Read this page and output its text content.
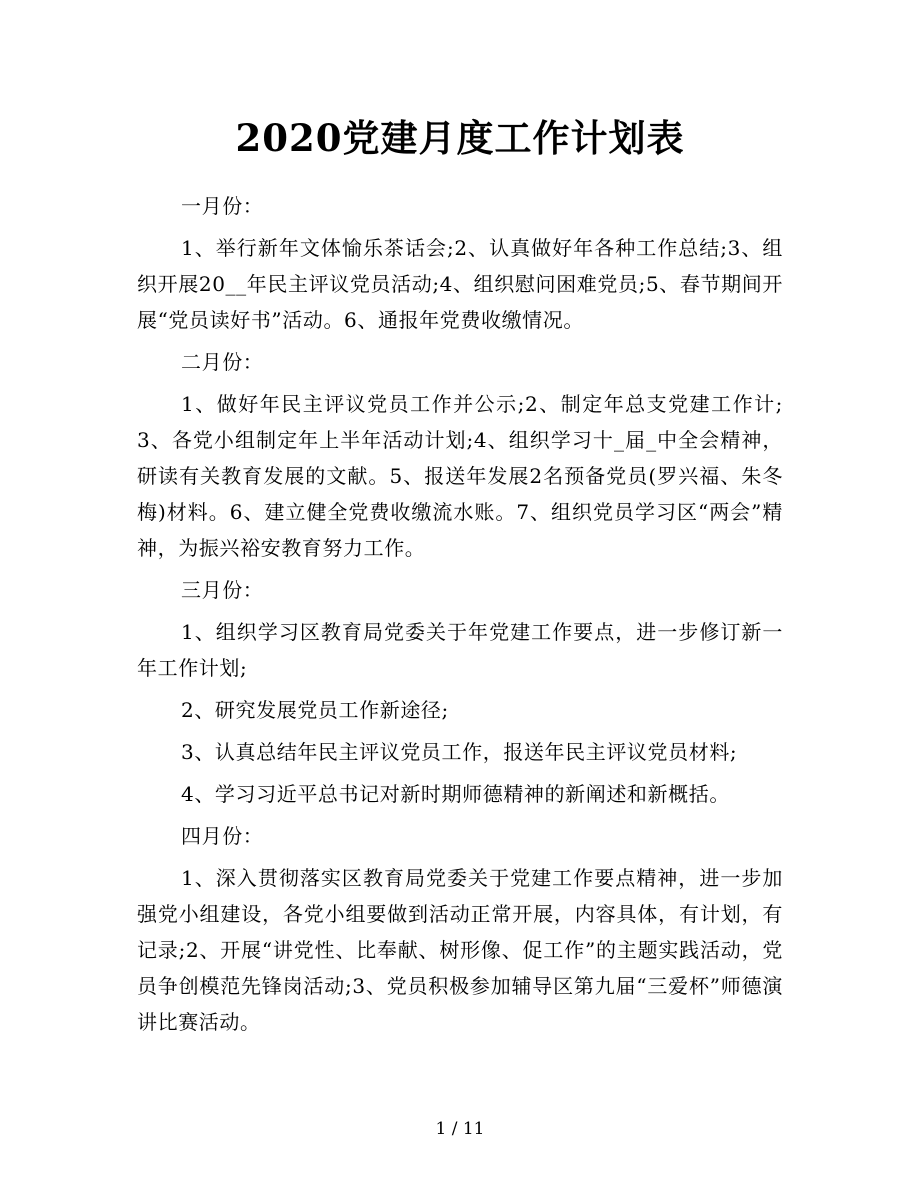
2020党建月度工作计划表

一月份：

1、举行新年文体愉乐茶话会;2、认真做好年各种工作总结;3、组织开展20__年民主评议党员活动;4、组织慰问困难党员;5、春节期间开展“党员读好书”活动。6、通报年党费收缴情况。

二月份：

1、做好年民主评议党员工作并公示;2、制定年总支党建工作计;3、各党小组制定年上半年活动计划;4、组织学习十_届_中全会精神，研读有关教育发展的文献。5、报送年发展2名预备党员(罗兴福、朱冬梅)材料。6、建立健全党费收缴流水账。7、组织党员学习区“两会”精神，为振兴裕安教育努力工作。

三月份：

1、组织学习区教育局党委关于年党建工作要点，进一步修订新一年工作计划;

2、研究发展党员工作新途径;

3、认真总结年民主评议党员工作，报送年民主评议党员材料;

4、学习习近平总书记对新时期师德精神的新阐述和新概括。

四月份：

1、深入贯彻落实区教育局党委关于党建工作要点精神，进一步加强党小组建设，各党小组要做到活动正常开展，内容具体，有计划，有记录;2、开展“讲党性、比奉献、树形像、促工作”的主题实践活动，党员争创模范先锋岗活动;3、党员积极参加辅导区第九届“三爱杯”师德演讲比赛活动。

1 / 11
